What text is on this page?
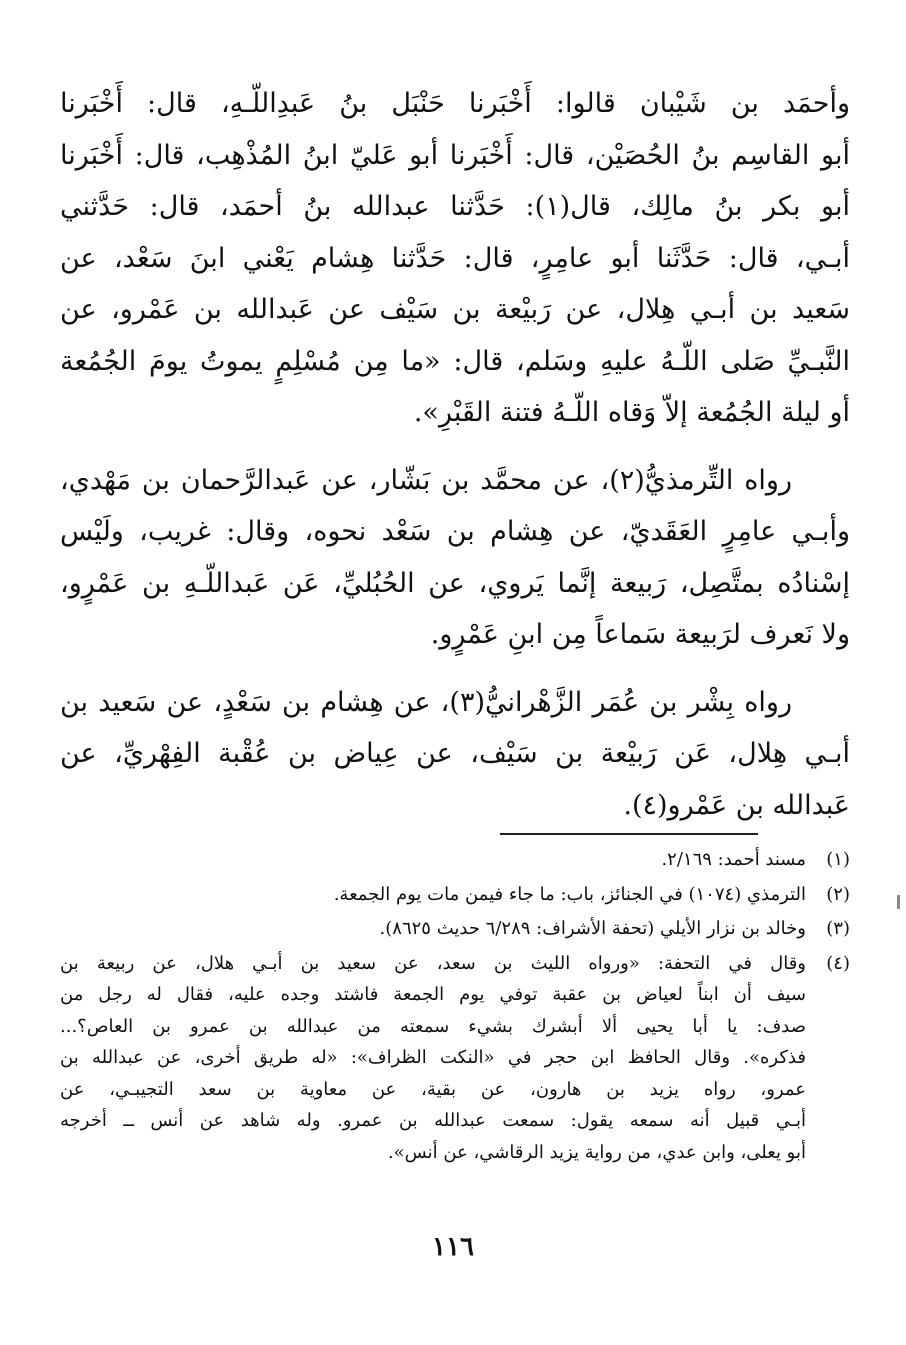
وأحمَد بن شَيْبان قالوا: أَخْبَرنا حَنْبَل بنُ عَبدِاللّـهِ، قال: أَخْبَرنا
أبو القاسِم بنُ الحُصَيْن، قال: أَخْبَرنا أبو عَليّ ابنُ المُذْهِب، قال: أَخْبَرنا
أبو بكر بنُ مالِك، قال(١): حَدَّثنا عبدالله بنُ أحمَد، قال: حَدَّثني
أبـي، قال: حَدَّثَنا أبو عامِرٍ، قال: حَدَّثنا هِشام يَعْني ابنَ سَعْد، عن
سَعيد بن أبـي هِلال، عن رَبيْعة بن سَيْف عن عَبدالله بن عَمْرو، عن
النَّبـيِّ صَلى اللّـهُ عليهِ وسَلم، قال: «ما مِن مُسْلِمٍ يموتُ يومَ الجُمُعة
أو ليلة الجُمُعة إلاّ وَقاه اللّـهُ فتنة القَبْرِ».
رواه التِّرمذيُّ(٢)، عن محمَّد بن بَشّار، عن عَبدالرَّحمان بن مَهْدي،
وأبـي عامِرٍ العَقَديّ، عن هِشام بن سَعْد نحوه، وقال: غريب، ولَيْس
إسْنادُه بمتَّصِل، رَبيعة إنَّما يَروي، عن الحُبُليِّ، عَن عَبداللّـهِ بن عَمْرٍو،
ولا نَعرف لرَبيعة سَماعاً مِن ابنِ عَمْرٍو.
رواه بِشْر بن عُمَر الزَّهْرانيُّ(٣)، عن هِشام بن سَعْدٍ، عن سَعيد بن
أبـي هِلال، عَن رَبيْعة بن سَيْف، عن عِياض بن عُقْبة الفِهْريِّ، عن
عَبدالله بن عَمْرو(٤).
(١)
مسند أحمد: ٢/١٦٩.
(٢)
الترمذي (١٠٧٤) في الجنائز، باب: ما جاء فيمن مات يوم الجمعة.
(٣)
وخالد بن نزار الأيلي (تحفة الأشراف: ٦/٢٨٩ حديث ٨٦٢٥).
(٤)
وقال في التحفة: «ورواه الليث بن سعد، عن سعيد بن أبـي هلال، عن ربيعة بن
سيف أن ابناً لعياض بن عقبة توفي يوم الجمعة فاشتد وجده عليه، فقال له رجل من
صدف: يا أبا يحيى ألا أبشرك بشيء سمعته من عبدالله بن عمرو بن العاص؟...
فذكره». وقال الحافظ ابن حجر في «النكت الظراف»: «له طريق أخرى، عن عبدالله بن
عمرو، رواه يزيد بن هارون، عن بقية، عن معاوية بن سعد التجيبـي، عن
أبـي قبيل أنه سمعه يقول: سمعت عبدالله بن عمرو. وله شاهد عن أنس ــ أخرجه
أبو يعلى، وابن عدي، من رواية يزيد الرقاشي، عن أنس».
١١٦
